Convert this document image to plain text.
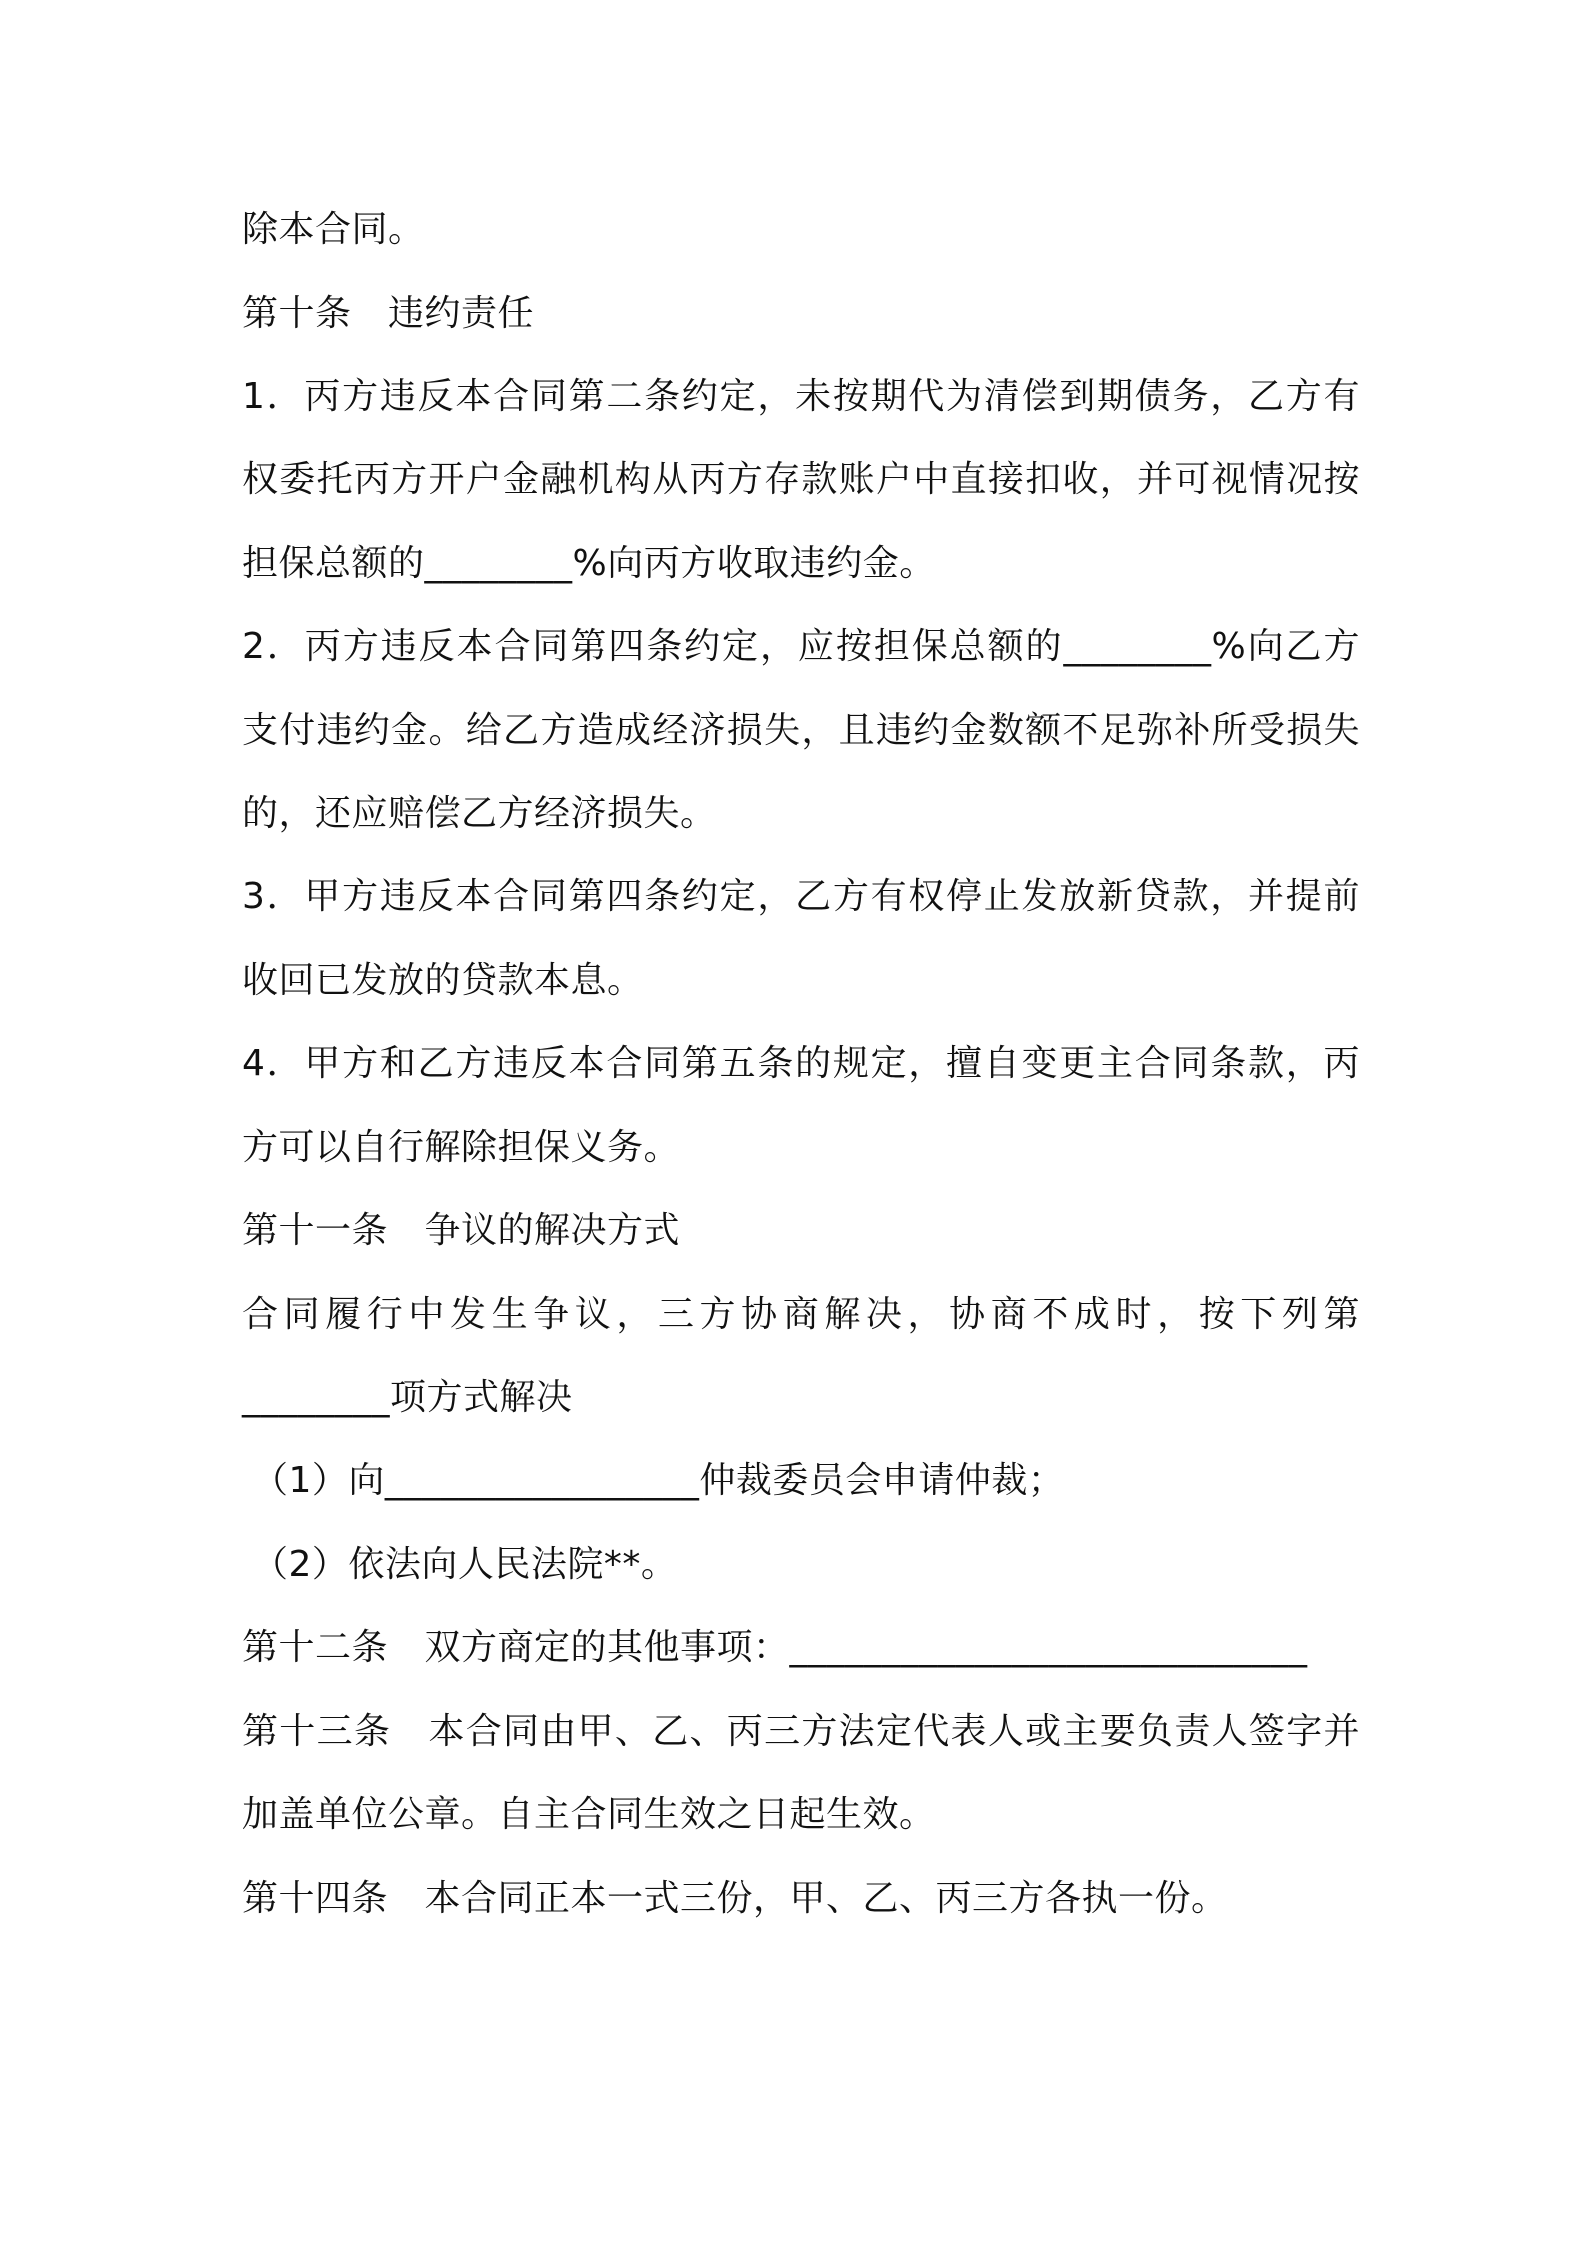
除本合同。
第十条　违约责任
1．丙方违反本合同第二条约定，未按期代为清偿到期债务，乙方有
权委托丙方开户金融机构从丙方存款账户中直接扣收，并可视情况按
担保总额的________%向丙方收取违约金。
2．丙方违反本合同第四条约定，应按担保总额的________%向乙方
支付违约金。给乙方造成经济损失，且违约金数额不足弥补所受损失
的，还应赔偿乙方经济损失。
3．甲方违反本合同第四条约定，乙方有权停止发放新贷款，并提前
收回已发放的贷款本息。
4．甲方和乙方违反本合同第五条的规定，擅自变更主合同条款，丙
方可以自行解除担保义务。
第十一条　争议的解决方式
合同履行中发生争议，三方协商解决，协商不成时，按下列第
________项方式解决
（1）向_________________仲裁委员会申请仲裁；
（2）依法向人民法院**。
第十二条　双方商定的其他事项：____________________________
第十三条　本合同由甲、乙、丙三方法定代表人或主要负责人签字并
加盖单位公章。自主合同生效之日起生效。
第十四条　本合同正本一式三份，甲、乙、丙三方各执一份。
